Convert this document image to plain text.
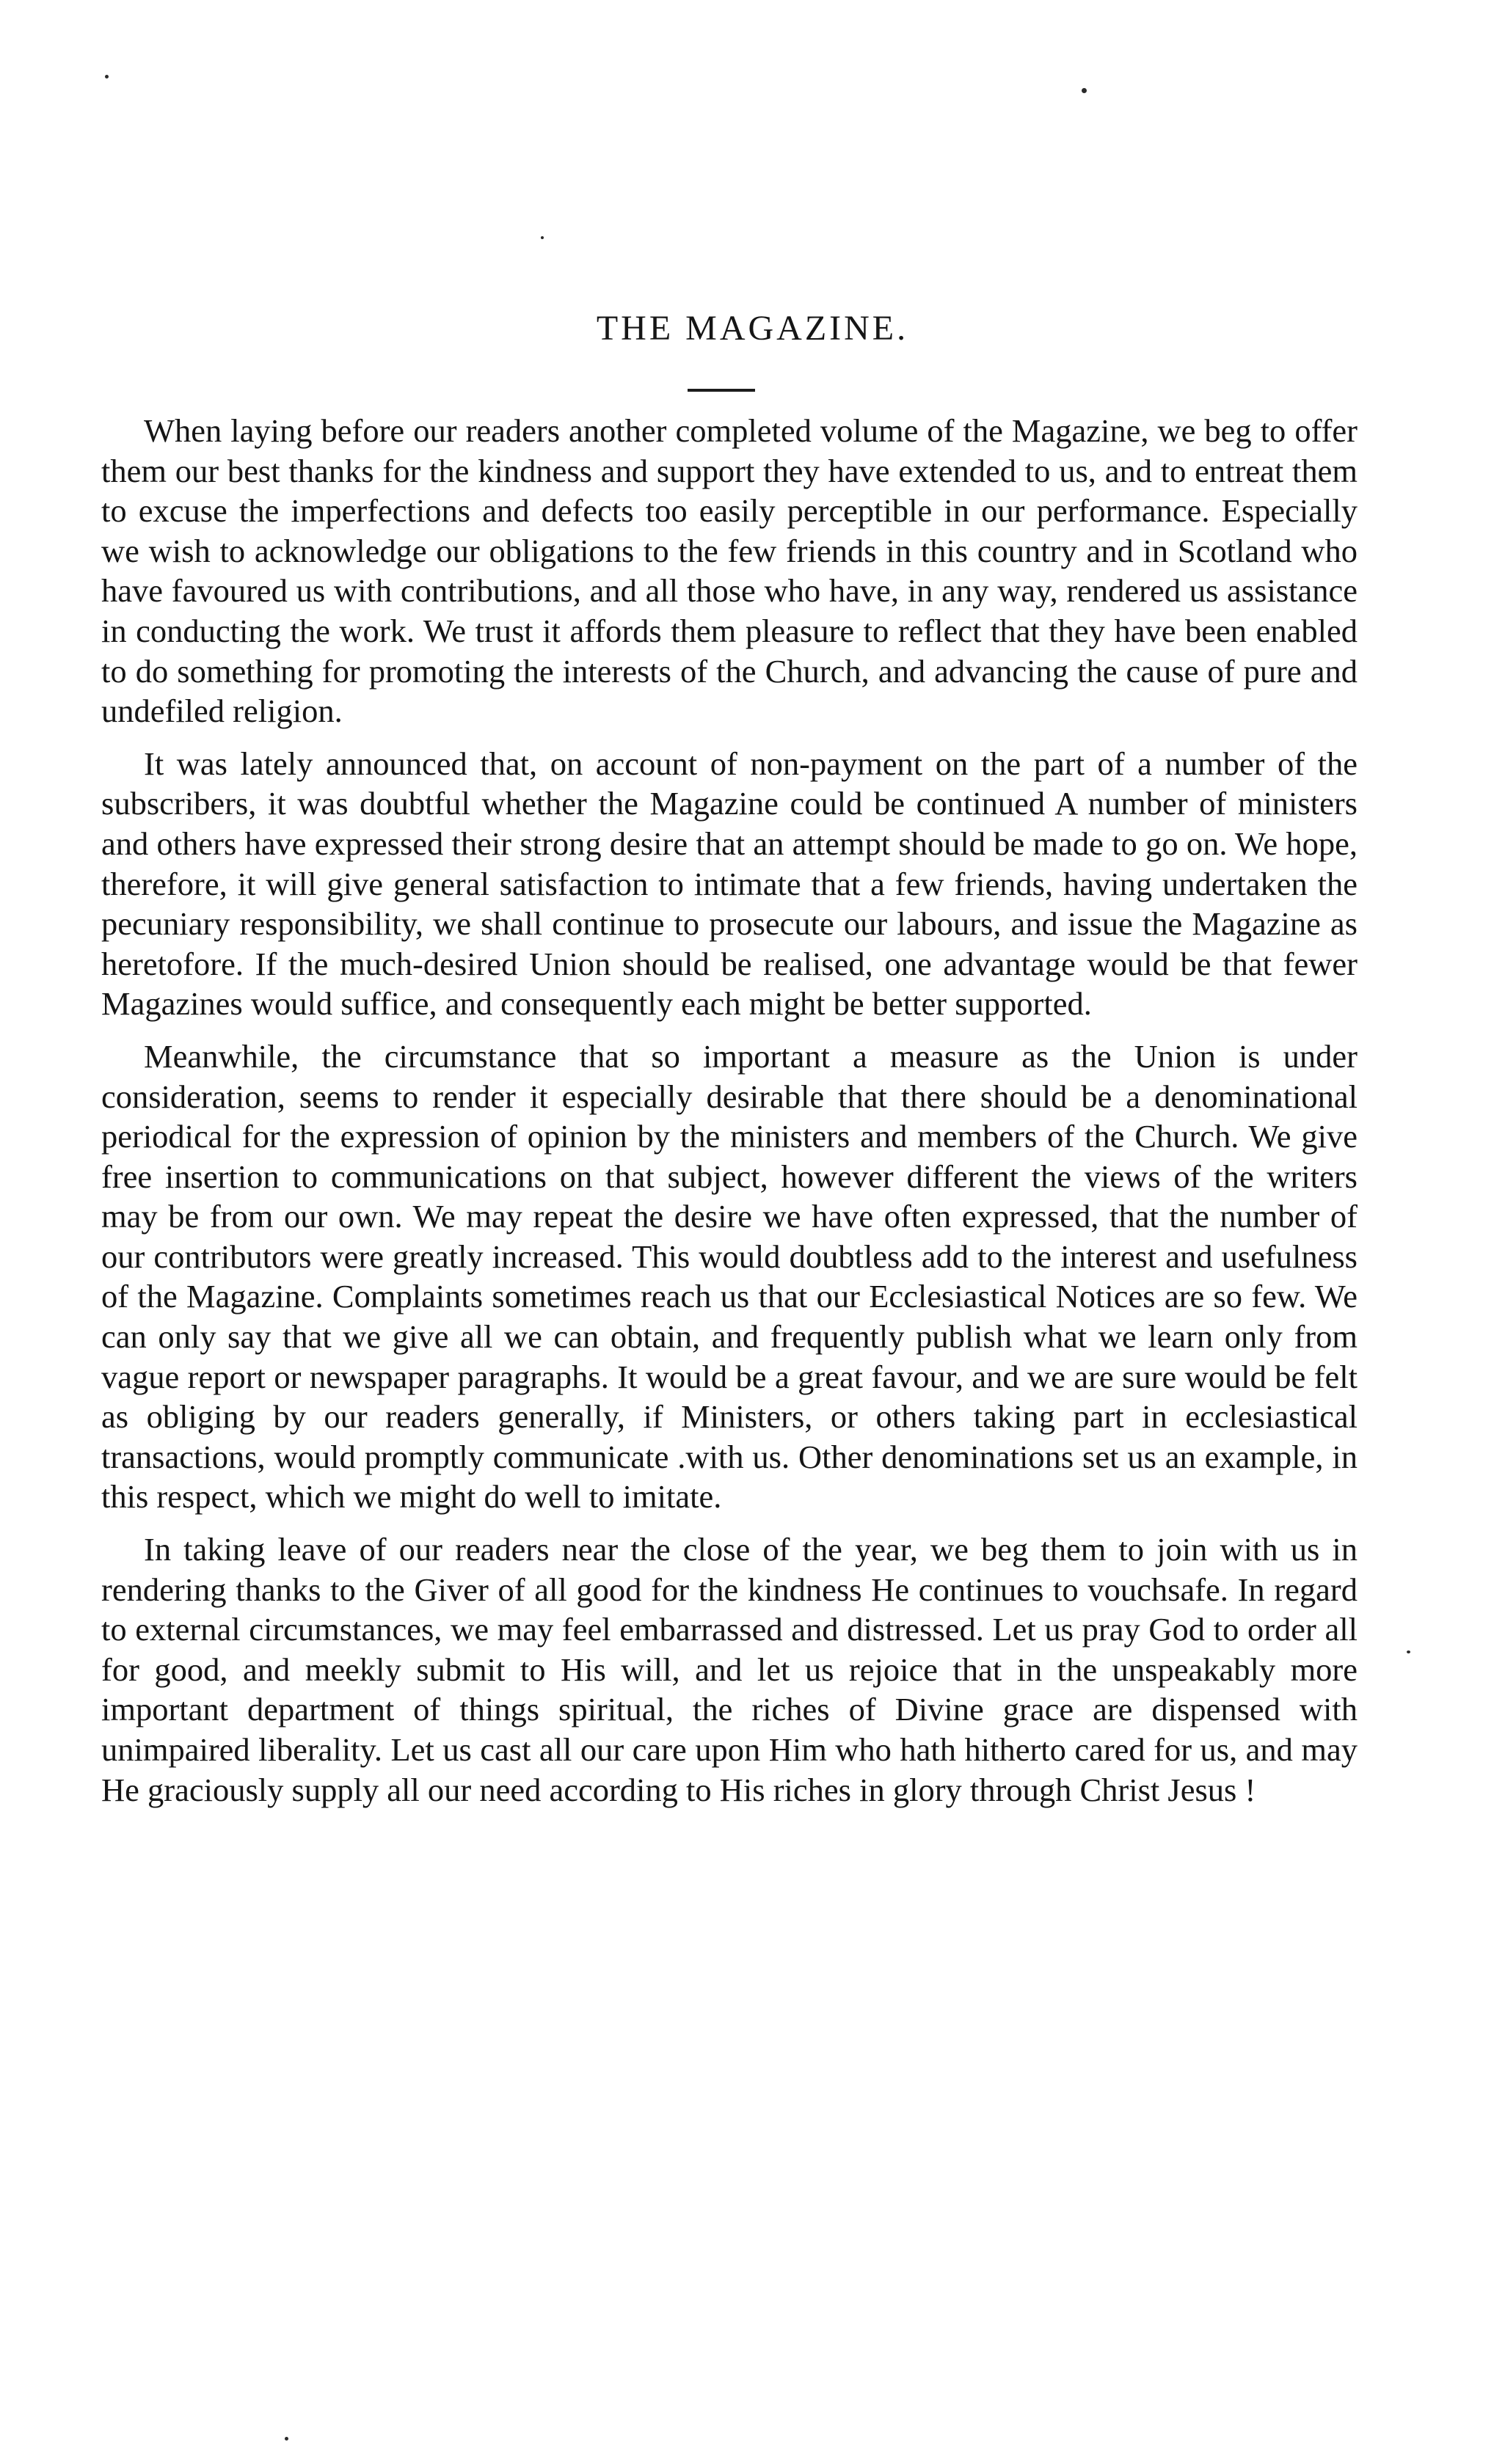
THE MAGAZINE.

When laying before our readers another completed volume of the Magazine, we beg to offer them our best thanks for the kindness and support they have extended to us, and to entreat them to excuse the imperfections and defects too easily perceptible in our performance. Especially we wish to acknowledge our obligations to the few friends in this country and in Scotland who have favoured us with contributions, and all those who have, in any way, rendered us assistance in conducting the work. We trust it affords them pleasure to reflect that they have been enabled to do something for promoting the interests of the Church, and advancing the cause of pure and undefiled religion.

It was lately announced that, on account of non-payment on the part of a number of the subscribers, it was doubtful whether the Magazine could be continued A number of ministers and others have expressed their strong desire that an attempt should be made to go on. We hope, therefore, it will give general satisfaction to intimate that a few friends, having undertaken the pecuniary responsibility, we shall continue to prosecute our labours, and issue the Magazine as heretofore. If the much-desired Union should be realised, one advantage would be that fewer Magazines would suffice, and consequently each might be better supported.

Meanwhile, the circumstance that so important a measure as the Union is under consideration, seems to render it especially desirable that there should be a denominational periodical for the expression of opinion by the ministers and members of the Church. We give free insertion to communications on that subject, however different the views of the writers may be from our own. We may repeat the desire we have often expressed, that the number of our contributors were greatly increased. This would doubtless add to the interest and usefulness of the Magazine. Complaints sometimes reach us that our Ecclesiastical Notices are so few. We can only say that we give all we can obtain, and frequently publish what we learn only from vague report or newspaper paragraphs. It would be a great favour, and we are sure would be felt as obliging by our readers generally, if Ministers, or others taking part in ecclesiastical transactions, would promptly communicate .with us. Other denominations set us an example, in this respect, which we might do well to imitate.

In taking leave of our readers near the close of the year, we beg them to join with us in rendering thanks to the Giver of all good for the kindness He continues to vouchsafe. In regard to external circumstances, we may feel embarrassed and distressed. Let us pray God to order all for good, and meekly submit to His will, and let us rejoice that in the unspeakably more important department of things spiritual, the riches of Divine grace are dispensed with unimpaired liberality. Let us cast all our care upon Him who hath hitherto cared for us, and may He graciously supply all our need according to His riches in glory through Christ Jesus !
